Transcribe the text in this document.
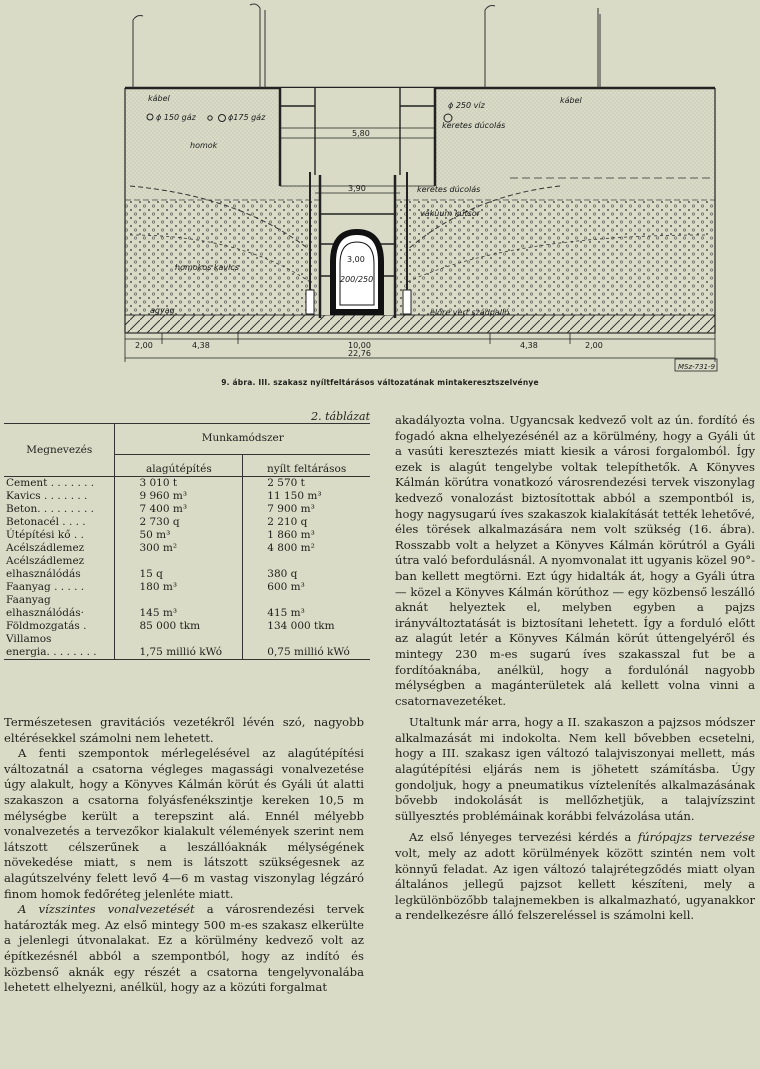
kábel	kábel
ϕ 150 gáz	ϕ175 gáz
ϕ 250 víz
keretes dúcolás
homok
5,80
3,90	keretes dúcolás
vákuum kútsor
homokos kavics
3,00
200/250
agyag	előre vert szádpalló
2,00	4,38	10,00	4,38	2,00
22,76
MSz-731-9
9. ábra. III. szakasz nyíltfeltárásos változatának mintakeresztszelvénye
2. táblázat
Megnevezés	Munkamódszer	
	alagútépítés	nyílt feltárásos
Cement . . . . . . .	3 010 t	2 570 t
Kavics . . . . . . .	9 960 m³	11 150 m³
Beton. . . . . . . . .	7 400 m³	7 900 m³
Betonacél . . . .	2 730 q	2 210 q
Útépítési kő . .	50 m³	1 860 m³
Acélszádlemez	300 m²	4 800 m²
Acélszádlemez		
elhasználódás	15 q	380 q
Faanyag . . . . .	180 m³	600 m³
Faanyag		
elhasználódás·	145 m³	415 m³
Földmozgatás .	85 000 tkm	134 000 tkm
Villamos		
energia. . . . . . . .	1,75 millió kWó	0,75 millió kWó

Természetesen gravitációs vezetékről lévén szó, nagyobb eltérésekkel számolni nem lehetett.

A fenti szempontok mérlegelésével az alagútépítési változatnál a csatorna végleges magassági vonalvezetése úgy alakult, hogy a Könyves Kálmán körút és Gyáli út alatti szakaszon a csatorna folyásfenékszintje kereken 10,5 m mélységbe került a terepszint alá. Ennél mélyebb vonalvezetés a tervezőkor kialakult vélemények szerint nem látszott célszerűnek a leszállóaknák mélységének növekedése miatt, s nem is látszott szükségesnek az alagútszelvény felett levő 4—6 m vastag viszonylag légzáró finom homok fedőréteg jelenléte miatt.

A vízszintes vonalvezetését a városrendezési tervek határozták meg. Az első mintegy 500 m-es szakasz elkerülte a jelenlegi útvonalakat. Ez a körülmény kedvező volt az építkezésnél abból a szempontból, hogy az indító és közbenső aknák egy részét a csatorna tengelyvonalába lehetett elhelyezni, anélkül, hogy az a közúti forgalmat

akadályozta volna. Ugyancsak kedvező volt az ún. fordító és fogadó akna elhelyezésénél az a körülmény, hogy a Gyáli út a vasúti keresztezés miatt kiesik a városi forgalomból. Így ezek is alagút tengelybe voltak telepíthetők. A Könyves Kálmán körútra vonatkozó városrendezési tervek viszonylag kedvező vonalozást biztosítottak abból a szempontból is, hogy nagysugarú íves szakaszok kialakítását tették lehetővé, éles törések alkalmazására nem volt szükség (16. ábra). Rosszabb volt a helyzet a Könyves Kálmán körútról a Gyáli útra való befordulásnál. A nyomvonalat itt ugyanis közel 90°-ban kellett megtörni. Ezt úgy hidalták át, hogy a Gyáli útra — közel a Könyves Kálmán körúthoz — egy közbenső leszálló aknát helyeztek el, melyben egyben a pajzs irányváltoztatását is biztosítani lehetett. Így a forduló előtt az alagút letér a Könyves Kálmán körút úttengelyéről és mintegy 230 m-es sugarú íves szakasszal fut be a fordítóaknába, anélkül, hogy a fordulónál nagyobb mélységben a magánterületek alá kellett volna vinni a csatornavezetéket.

Utaltunk már arra, hogy a II. szakaszon a pajzsos módszer alkalmazását mi indokolta. Nem kell bővebben ecsetelni, hogy a III. szakasz igen változó talajviszonyai mellett, más alagútépítési eljárás nem is jöhetett számításba. Úgy gondoljuk, hogy a pneumatikus víztelenítés alkalmazásának bővebb indokolását is mellőzhetjük, a talajvízszint süllyesztés problémáinak korábbi felvázolása után.

Az első lényeges tervezési kérdés a fúrópajzs tervezése volt, mely az adott körülmények között szintén nem volt könnyű feladat. Az igen változó talajrétegződés miatt olyan általános jellegű pajzsot kellett készíteni, mely a legkülönbözőbb talajnemekben is alkalmazható, ugyanakkor a rendelkezésre álló felszereléssel is számolni kell.
